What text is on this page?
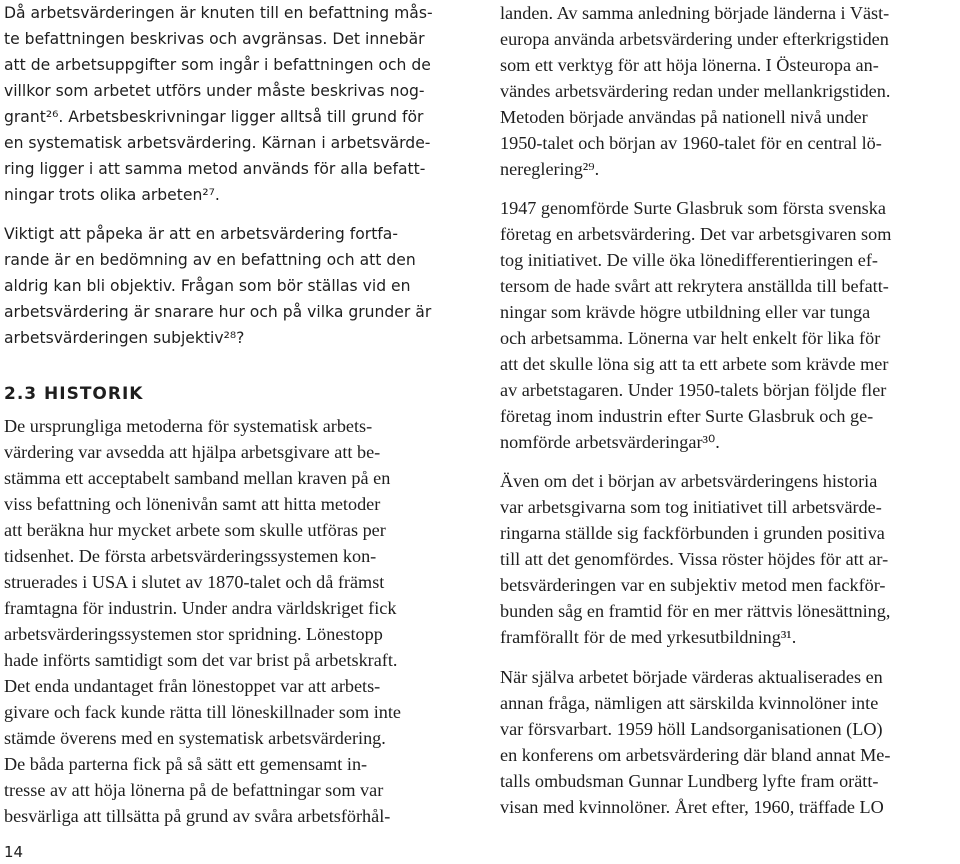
Då arbetsvärderingen är knuten till en befattning mås-
te befattningen beskrivas och avgränsas. Det innebär
att de arbetsuppgifter som ingår i befattningen och de
villkor som arbetet utförs under måste beskrivas nog-
grant²⁶. Arbetsbeskrivningar ligger alltså till grund för
en systematisk arbetsvärdering. Kärnan i arbetsvärde-
ring ligger i att samma metod används för alla befatt-
ningar trots olika arbeten²⁷.
Viktigt att påpeka är att en arbetsvärdering fortfa-
rande är en bedömning av en befattning och att den
aldrig kan bli objektiv. Frågan som bör ställas vid en
arbetsvärdering är snarare hur och på vilka grunder är
arbetsvärderingen subjektiv²⁸?
2.3 HISTORIK
De ursprungliga metoderna för systematisk arbets-
värdering var avsedda att hjälpa arbetsgivare att be-
stämma ett acceptabelt samband mellan kraven på en
viss befattning och lönenivån samt att hitta metoder
att beräkna hur mycket arbete som skulle utföras per
tidsenhet. De första arbetsvärderingssystemen kon-
struerades i USA i slutet av 1870-talet och då främst
framtagna för industrin. Under andra världskriget fick
arbetsvärderingssystemen stor spridning. Lönestopp
hade införts samtidigt som det var brist på arbetskraft.
Det enda undantaget från lönestoppet var att arbets-
givare och fack kunde rätta till löneskillnader som inte
stämde överens med en systematisk arbetsvärdering.
De båda parterna fick på så sätt ett gemensamt in-
tresse av att höja lönerna på de befattningar som var
besvärliga att tillsätta på grund av svåra arbetsförhål-
landen. Av samma anledning började länderna i Väst-
europa använda arbetsvärdering under efterkrigstiden
som ett verktyg för att höja lönerna. I Östeuropa an-
vändes arbetsvärdering redan under mellankrigstiden.
Metoden började användas på nationell nivå under
1950-talet och början av 1960-talet för en central lö-
nereglering²⁹.
1947 genomförde Surte Glasbruk som första svenska
företag en arbetsvärdering. Det var arbetsgivaren som
tog initiativet. De ville öka lönedifferentieringen ef-
tersom de hade svårt att rekrytera anställda till befatt-
ningar som krävde högre utbildning eller var tunga
och arbetsamma. Lönerna var helt enkelt för lika för
att det skulle löna sig att ta ett arbete som krävde mer
av arbetstagaren. Under 1950-talets början följde fler
företag inom industrin efter Surte Glasbruk och ge-
nomförde arbetsvärderingar³⁰.
Även om det i början av arbetsvärderingens historia
var arbetsgivarna som tog initiativet till arbetsvärde-
ringarna ställde sig fackförbunden i grunden positiva
till att det genomfördes. Vissa röster höjdes för att ar-
betsvärderingen var en subjektiv metod men fackför-
bunden såg en framtid för en mer rättvis lönesättning,
framförallt för de med yrkesutbildning³¹.
När själva arbetet började värderas aktualiserades en
annan fråga, nämligen att särskilda kvinnolöner inte
var försvarbart. 1959 höll Landsorganisationen (LO)
en konferens om arbetsvärdering där bland annat Me-
talls ombudsman Gunnar Lundberg lyfte fram orätt-
visan med kvinnolöner. Året efter, 1960, träffade LO
14
